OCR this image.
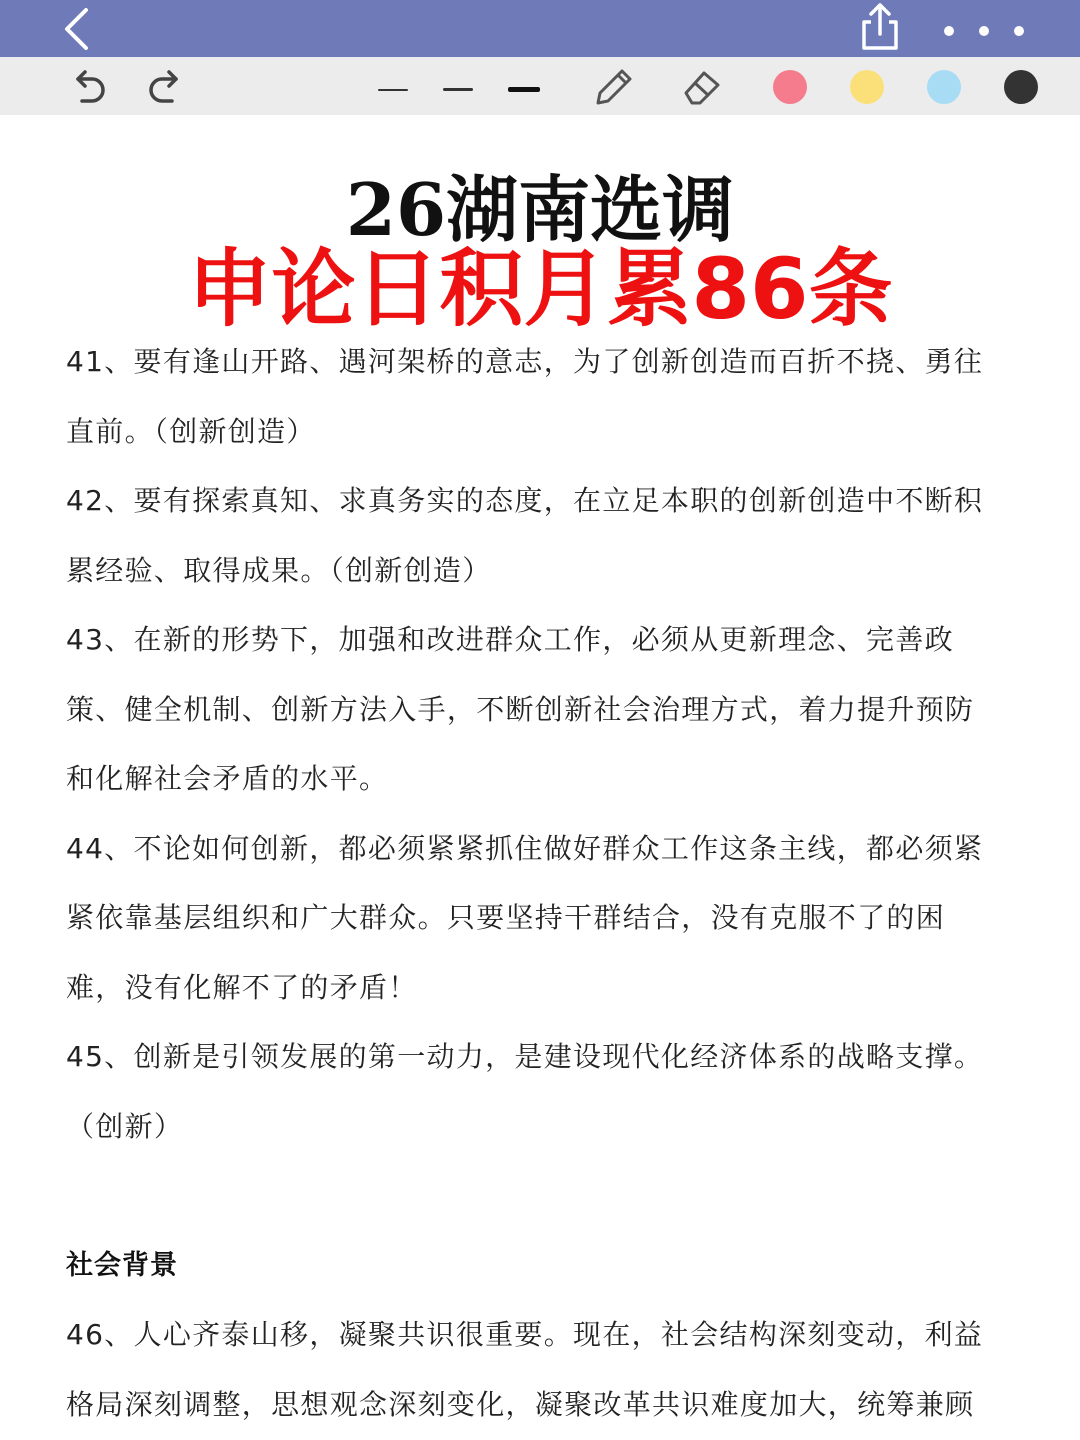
26湖南选调
申论日积月累86条

41、要有逢山开路、遇河架桥的意志，为了创新创造而百折不挠、勇往直前。（创新创造）

42、要有探索真知、求真务实的态度，在立足本职的创新创造中不断积累经验、取得成果。（创新创造）

43、在新的形势下，加强和改进群众工作，必须从更新理念、完善政策、健全机制、创新方法入手，不断创新社会治理方式，着力提升预防和化解社会矛盾的水平。

44、不论如何创新，都必须紧紧抓住做好群众工作这条主线，都必须紧紧依靠基层组织和广大群众。只要坚持干群结合，没有克服不了的困难，没有化解不了的矛盾！

45、创新是引领发展的第一动力，是建设现代化经济体系的战略支撑。（创新）

社会背景

46、人心齐泰山移，凝聚共识很重要。现在，社会结构深刻变动，利益格局深刻调整，思想观念深刻变化，凝聚改革共识难度加大，统筹兼顾
